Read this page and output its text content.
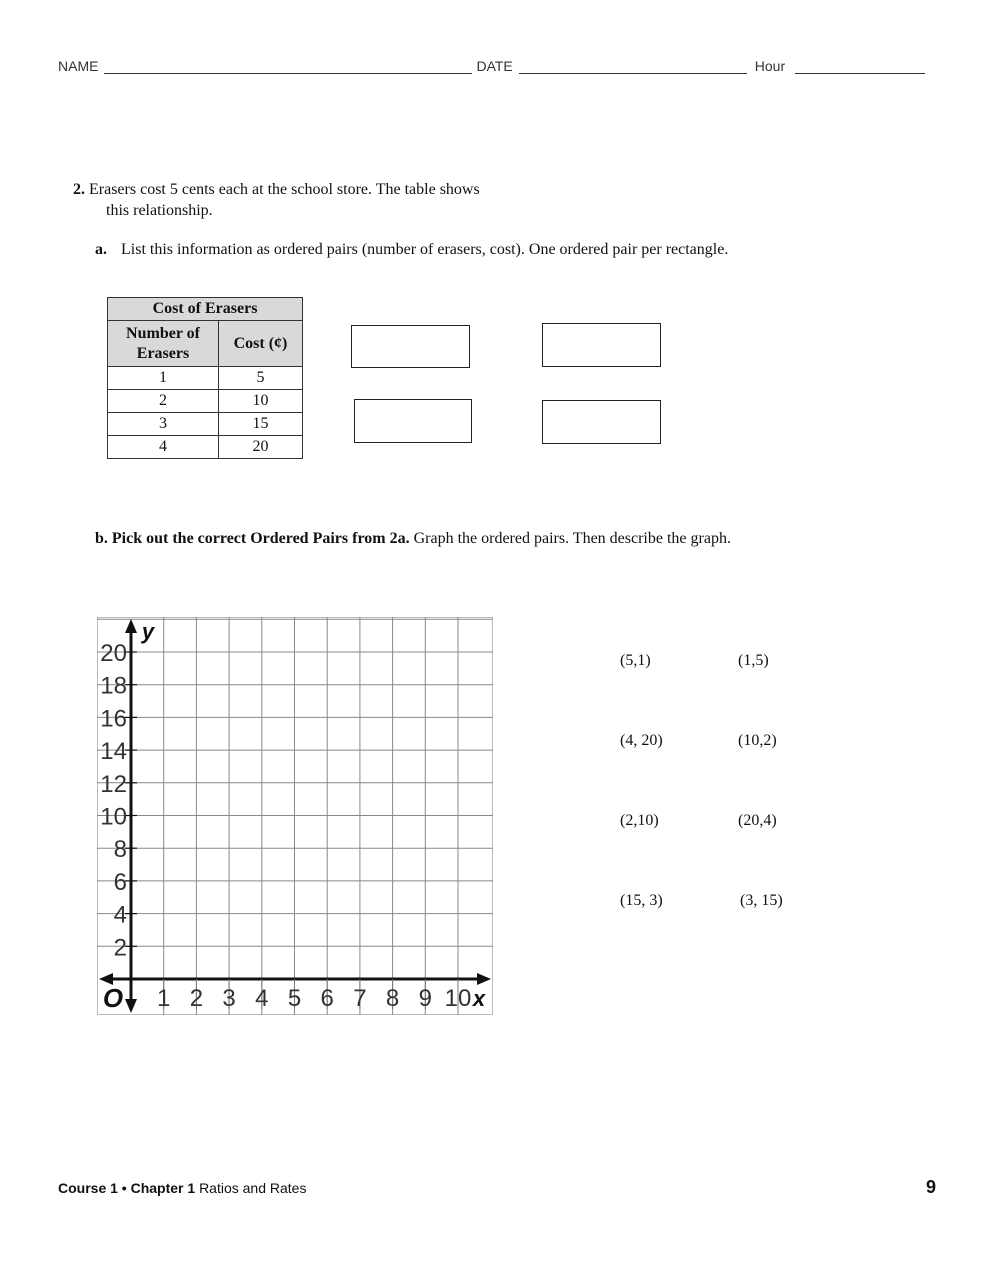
NAME	DATE	Hour
2. Erasers cost 5 cents each at the school store. The table shows
this relationship.
a. List this information as ordered pairs (number of erasers, cost). One ordered pair per rectangle.
Cost of Erasers	
Number of
Erasers	Cost (¢)
1	5
2	10
3	15
4	20
b. Pick out the correct Ordered Pairs from 2a. Graph the ordered pairs. Then describe the graph.
1 2 3 4 5 6 7 8 9 10
2
4
6
8
10
12
14
16
18
20
x
y
O
(5,1)	(1,5)
(4, 20)	(10,2)
(2,10)	(20,4)
(15, 3)	(3, 15)
Course 1 • Chapter 1 Ratios and Rates	9
